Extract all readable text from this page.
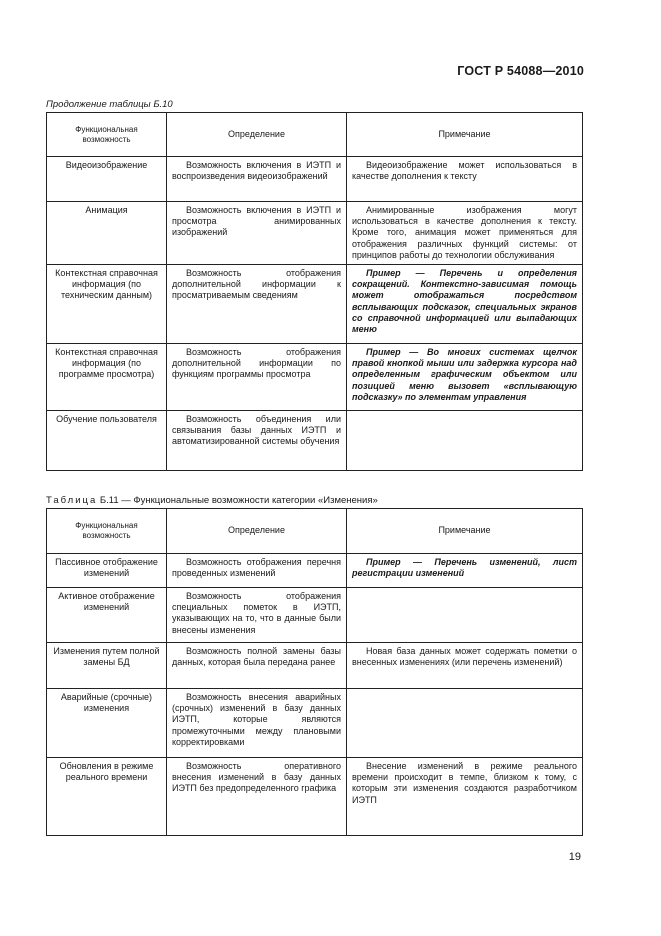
ГОСТ Р 54088—2010
Продолжение таблицы Б.10
Функциональная возможность	Определение	Примечание
Видеоизображение	Возможность включения в ИЭТП и воспроизведения видеоизображений	Видеоизображение может использоваться в качестве дополнения к тексту
Анимация	Возможность включения в ИЭТП и просмотра анимированных изображений	Анимированные изображения могут использоваться в качестве дополнения к тексту. Кроме того, анимация может применяться для отображения различных функций системы: от принципов работы до технологии обслуживания
Контекстная справочная информация (по техническим данным)	Возможность отображения дополнительной информации к просматриваемым сведениям	Пример — Перечень и определения сокращений. Контекстно-зависимая помощь может отображаться посредством всплывающих подсказок, специальных экранов со справочной информацией или выпадающих меню
Контекстная справочная информация (по программе просмотра)	Возможность отображения дополнительной информации по функциям программы просмотра	Пример — Во многих системах щелчок правой кнопкой мыши или задержка курсора над определенным графическим объектом или позицией меню вызовет «всплывающую подсказку» по элементам управления
Обучение пользователя	Возможность объединения или связывания базы данных ИЭТП и автоматизированной системы обучения	
Таблица Б.11 — Функциональные возможности категории «Изменения»
Функциональная возможность	Определение	Примечание
Пассивное отображение изменений	Возможность отображения перечня проведенных изменений	Пример — Перечень изменений, лист регистрации изменений
Активное отображение изменений	Возможность отображения специальных пометок в ИЭТП, указывающих на то, что в данные были внесены изменения	
Изменения путем полной замены БД	Возможность полной замены базы данных, которая была передана ранее	Новая база данных может содержать пометки о внесенных изменениях (или перечень изменений)
Аварийные (срочные) изменения	Возможность внесения аварийных (срочных) изменений в базу данных ИЭТП, которые являются промежуточными между плановыми корректировками	
Обновления в режиме реального времени	Возможность оперативного внесения изменений в базу данных ИЭТП без предопределенного графика	Внесение изменений в режиме реального времени происходит в темпе, близком к тому, с которым эти изменения создаются разработчиком ИЭТП
19
